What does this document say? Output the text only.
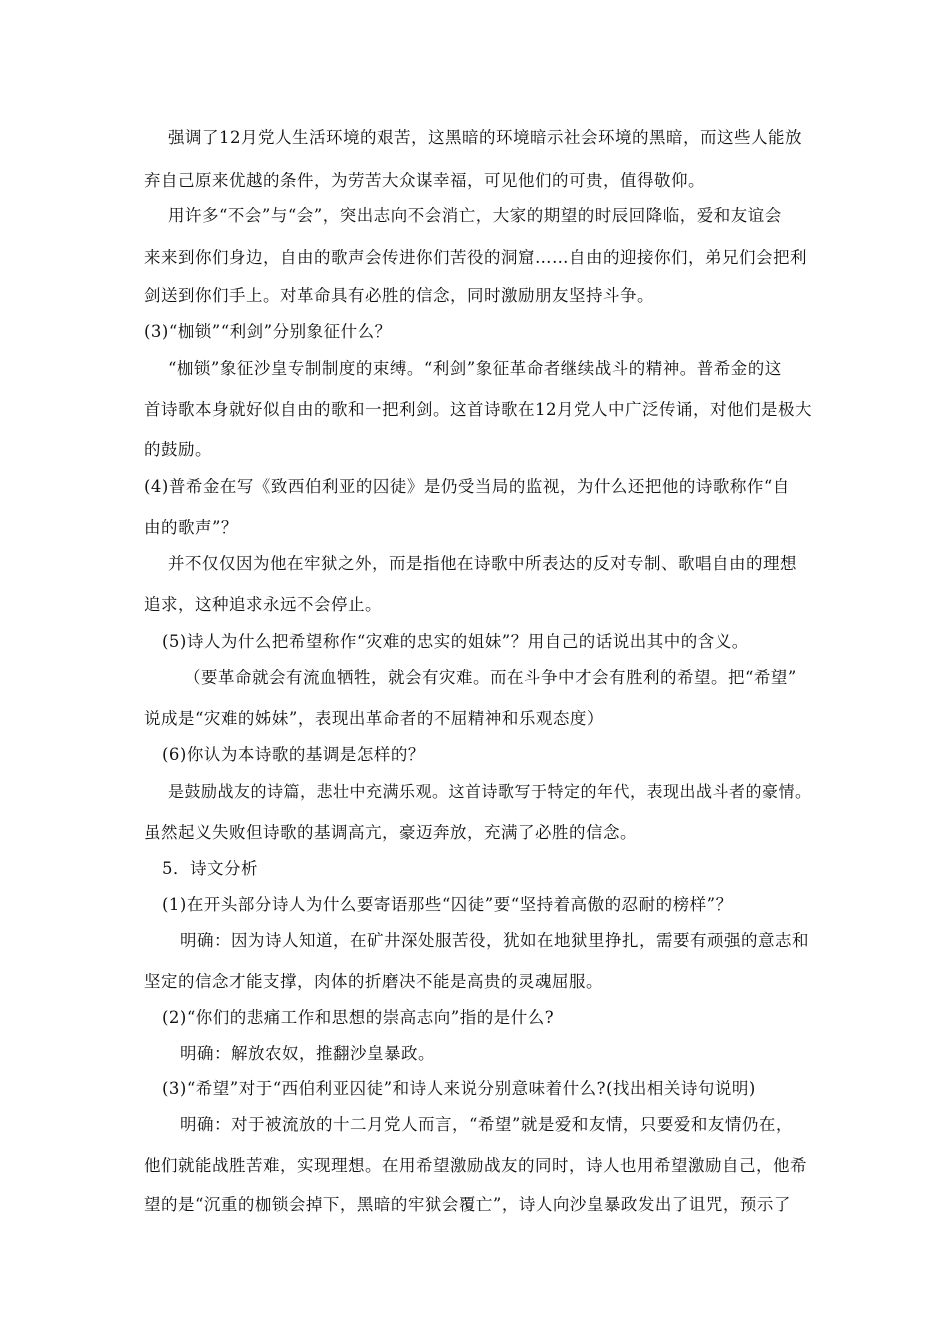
强调了12月党人生活环境的艰苦，这黑暗的环境暗示社会环境的黑暗，而这些人能放
弃自己原来优越的条件，为劳苦大众谋幸福，可见他们的可贵，值得敬仰。
用许多“不会”与“会”，突出志向不会消亡，大家的期望的时辰回降临，爱和友谊会
来来到你们身边，自由的歌声会传进你们苦役的洞窟……自由的迎接你们，弟兄们会把利
剑送到你们手上。对革命具有必胜的信念，同时激励朋友坚持斗争。
(3)“枷锁”“利剑”分别象征什么？
“枷锁”象征沙皇专制制度的束缚。“利剑”象征革命者继续战斗的精神。普希金的这
首诗歌本身就好似自由的歌和一把利剑。这首诗歌在12月党人中广泛传诵，对他们是极大
的鼓励。
(4)普希金在写《致西伯利亚的囚徒》是仍受当局的监视，为什么还把他的诗歌称作“自
由的歌声”？
并不仅仅因为他在牢狱之外，而是指他在诗歌中所表达的反对专制、歌唱自由的理想
追求，这种追求永远不会停止。
(5)诗人为什么把希望称作“灾难的忠实的姐妹”？用自己的话说出其中的含义。
（要革命就会有流血牺牲，就会有灾难。而在斗争中才会有胜利的希望。把“希望”
说成是“灾难的姊妹”，表现出革命者的不屈精神和乐观态度）
(6)你认为本诗歌的基调是怎样的？
是鼓励战友的诗篇，悲壮中充满乐观。这首诗歌写于特定的年代，表现出战斗者的豪情。
虽然起义失败但诗歌的基调高亢，豪迈奔放，充满了必胜的信念。
5．诗文分析
(1)在开头部分诗人为什么要寄语那些“囚徒”要“坚持着高傲的忍耐的榜样”？
明确：因为诗人知道，在矿井深处服苦役，犹如在地狱里挣扎，需要有顽强的意志和
坚定的信念才能支撑，肉体的折磨决不能是高贵的灵魂屈服。
(2)“你们的悲痛工作和思想的崇高志向”指的是什么?
明确：解放农奴，推翻沙皇暴政。
(3)“希望”对于“西伯利亚囚徒”和诗人来说分别意味着什么?(找出相关诗句说明)
明确：对于被流放的十二月党人而言，“希望”就是爱和友情，只要爱和友情仍在，
他们就能战胜苦难，实现理想。在用希望激励战友的同时，诗人也用希望激励自己，他希
望的是“沉重的枷锁会掉下，黑暗的牢狱会覆亡”，诗人向沙皇暴政发出了诅咒，预示了
